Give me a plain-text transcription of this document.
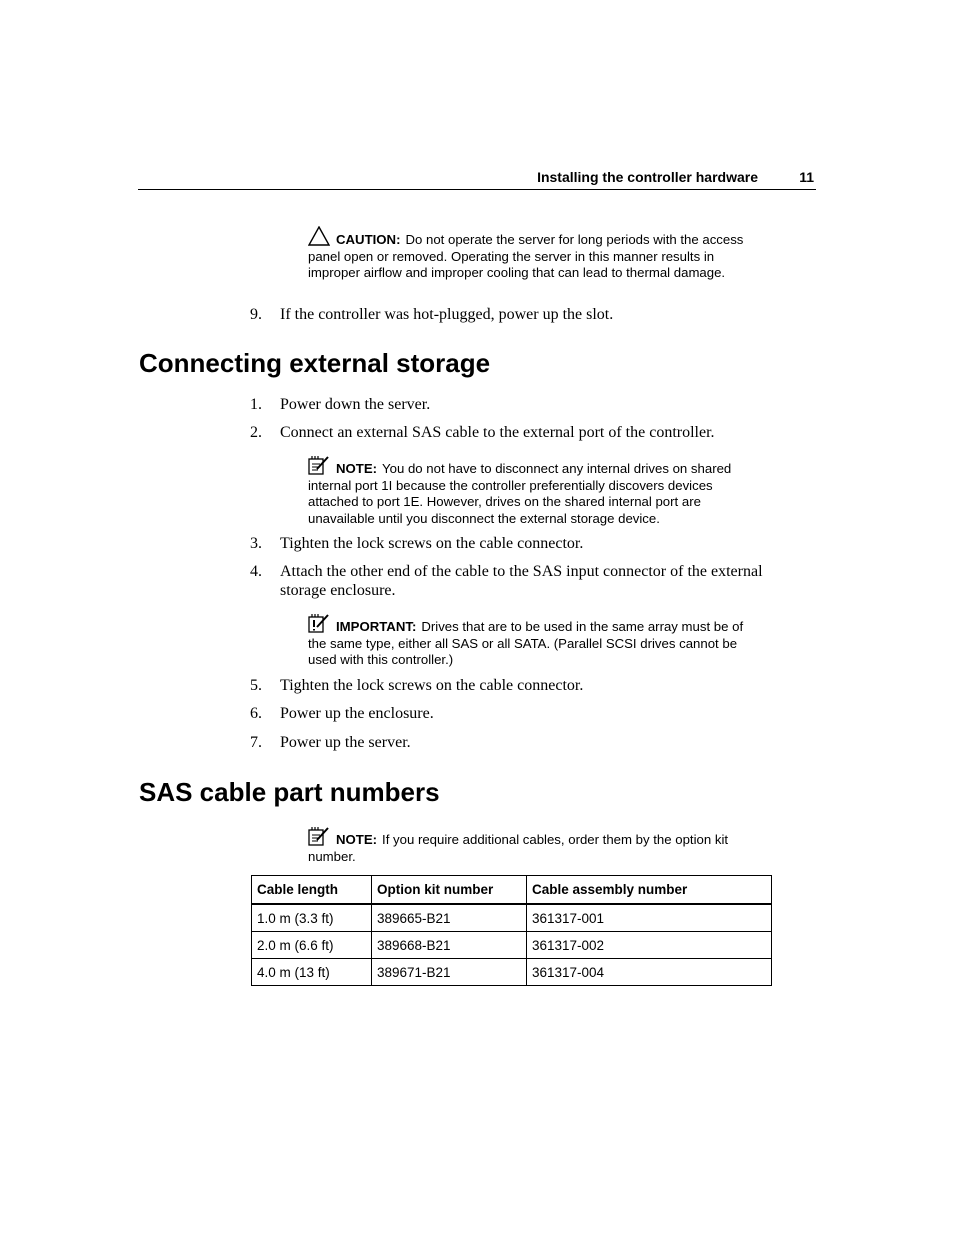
Installing the controller hardware	11
CAUTION: Do not operate the server for long periods with the access panel open or removed. Operating the server in this manner results in improper airflow and improper cooling that can lead to thermal damage.
9. If the controller was hot-plugged, power up the slot.
Connecting external storage
1. Power down the server.
2. Connect an external SAS cable to the external port of the controller.
NOTE: You do not have to disconnect any internal drives on shared internal port 1I because the controller preferentially discovers devices attached to port 1E. However, drives on the shared internal port are unavailable until you disconnect the external storage device.
3. Tighten the lock screws on the cable connector.
4. Attach the other end of the cable to the SAS input connector of the external storage enclosure.
IMPORTANT: Drives that are to be used in the same array must be of the same type, either all SAS or all SATA. (Parallel SCSI drives cannot be used with this controller.)
5. Tighten the lock screws on the cable connector.
6. Power up the enclosure.
7. Power up the server.
SAS cable part numbers
NOTE: If you require additional cables, order them by the option kit number.
Cable length	Option kit number	Cable assembly number
1.0 m (3.3 ft)	389665-B21	361317-001
2.0 m (6.6 ft)	389668-B21	361317-002
4.0 m (13 ft)	389671-B21	361317-004
